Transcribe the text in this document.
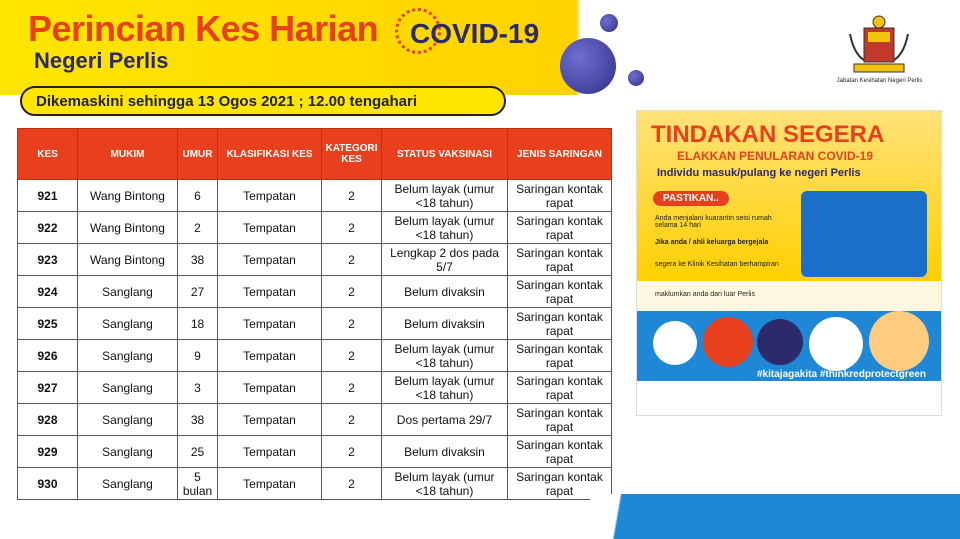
Perincian Kes Harian COVID-19
Negeri Perlis
Jabatan Kesihatan Negeri Perlis
Dikemaskini sehingga 13 Ogos 2021 ; 12.00 tengahari
KES	MUKIM	UMUR	KLASIFIKASI KES	KATEGORI KES	STATUS VAKSINASI	JENIS SARINGAN
921	Wang Bintong	6	Tempatan	2	Belum layak (umur <18 tahun)	Saringan kontak rapat
922	Wang Bintong	2	Tempatan	2	Belum layak (umur <18 tahun)	Saringan kontak rapat
923	Wang Bintong	38	Tempatan	2	Lengkap 2 dos pada 5/7	Saringan kontak rapat
924	Sanglang	27	Tempatan	2	Belum divaksin	Saringan kontak rapat
925	Sanglang	18	Tempatan	2	Belum divaksin	Saringan kontak rapat
926	Sanglang	9	Tempatan	2	Belum layak (umur <18 tahun)	Saringan kontak rapat
927	Sanglang	3	Tempatan	2	Belum layak (umur <18 tahun)	Saringan kontak rapat
928	Sanglang	38	Tempatan	2	Dos pertama 29/7	Saringan kontak rapat
929	Sanglang	25	Tempatan	2	Belum divaksin	Saringan kontak rapat
930	Sanglang	5 bulan	Tempatan	2	Belum layak (umur <18 tahun)	Saringan kontak rapat
TINDAKAN SEGERA
ELAKKAN PENULARAN COVID-19
Individu masuk/pulang ke negeri Perlis
PASTIKAN..
Anda menjalani kuarantin seisi rumah selama 14 hari
Jika anda / ahli keluarga bergejala
segera ke Klinik Kesihatan berhampiran
maklumkan anda dari luar Perlis
#kitajagakita #thinkredprotectgreen
